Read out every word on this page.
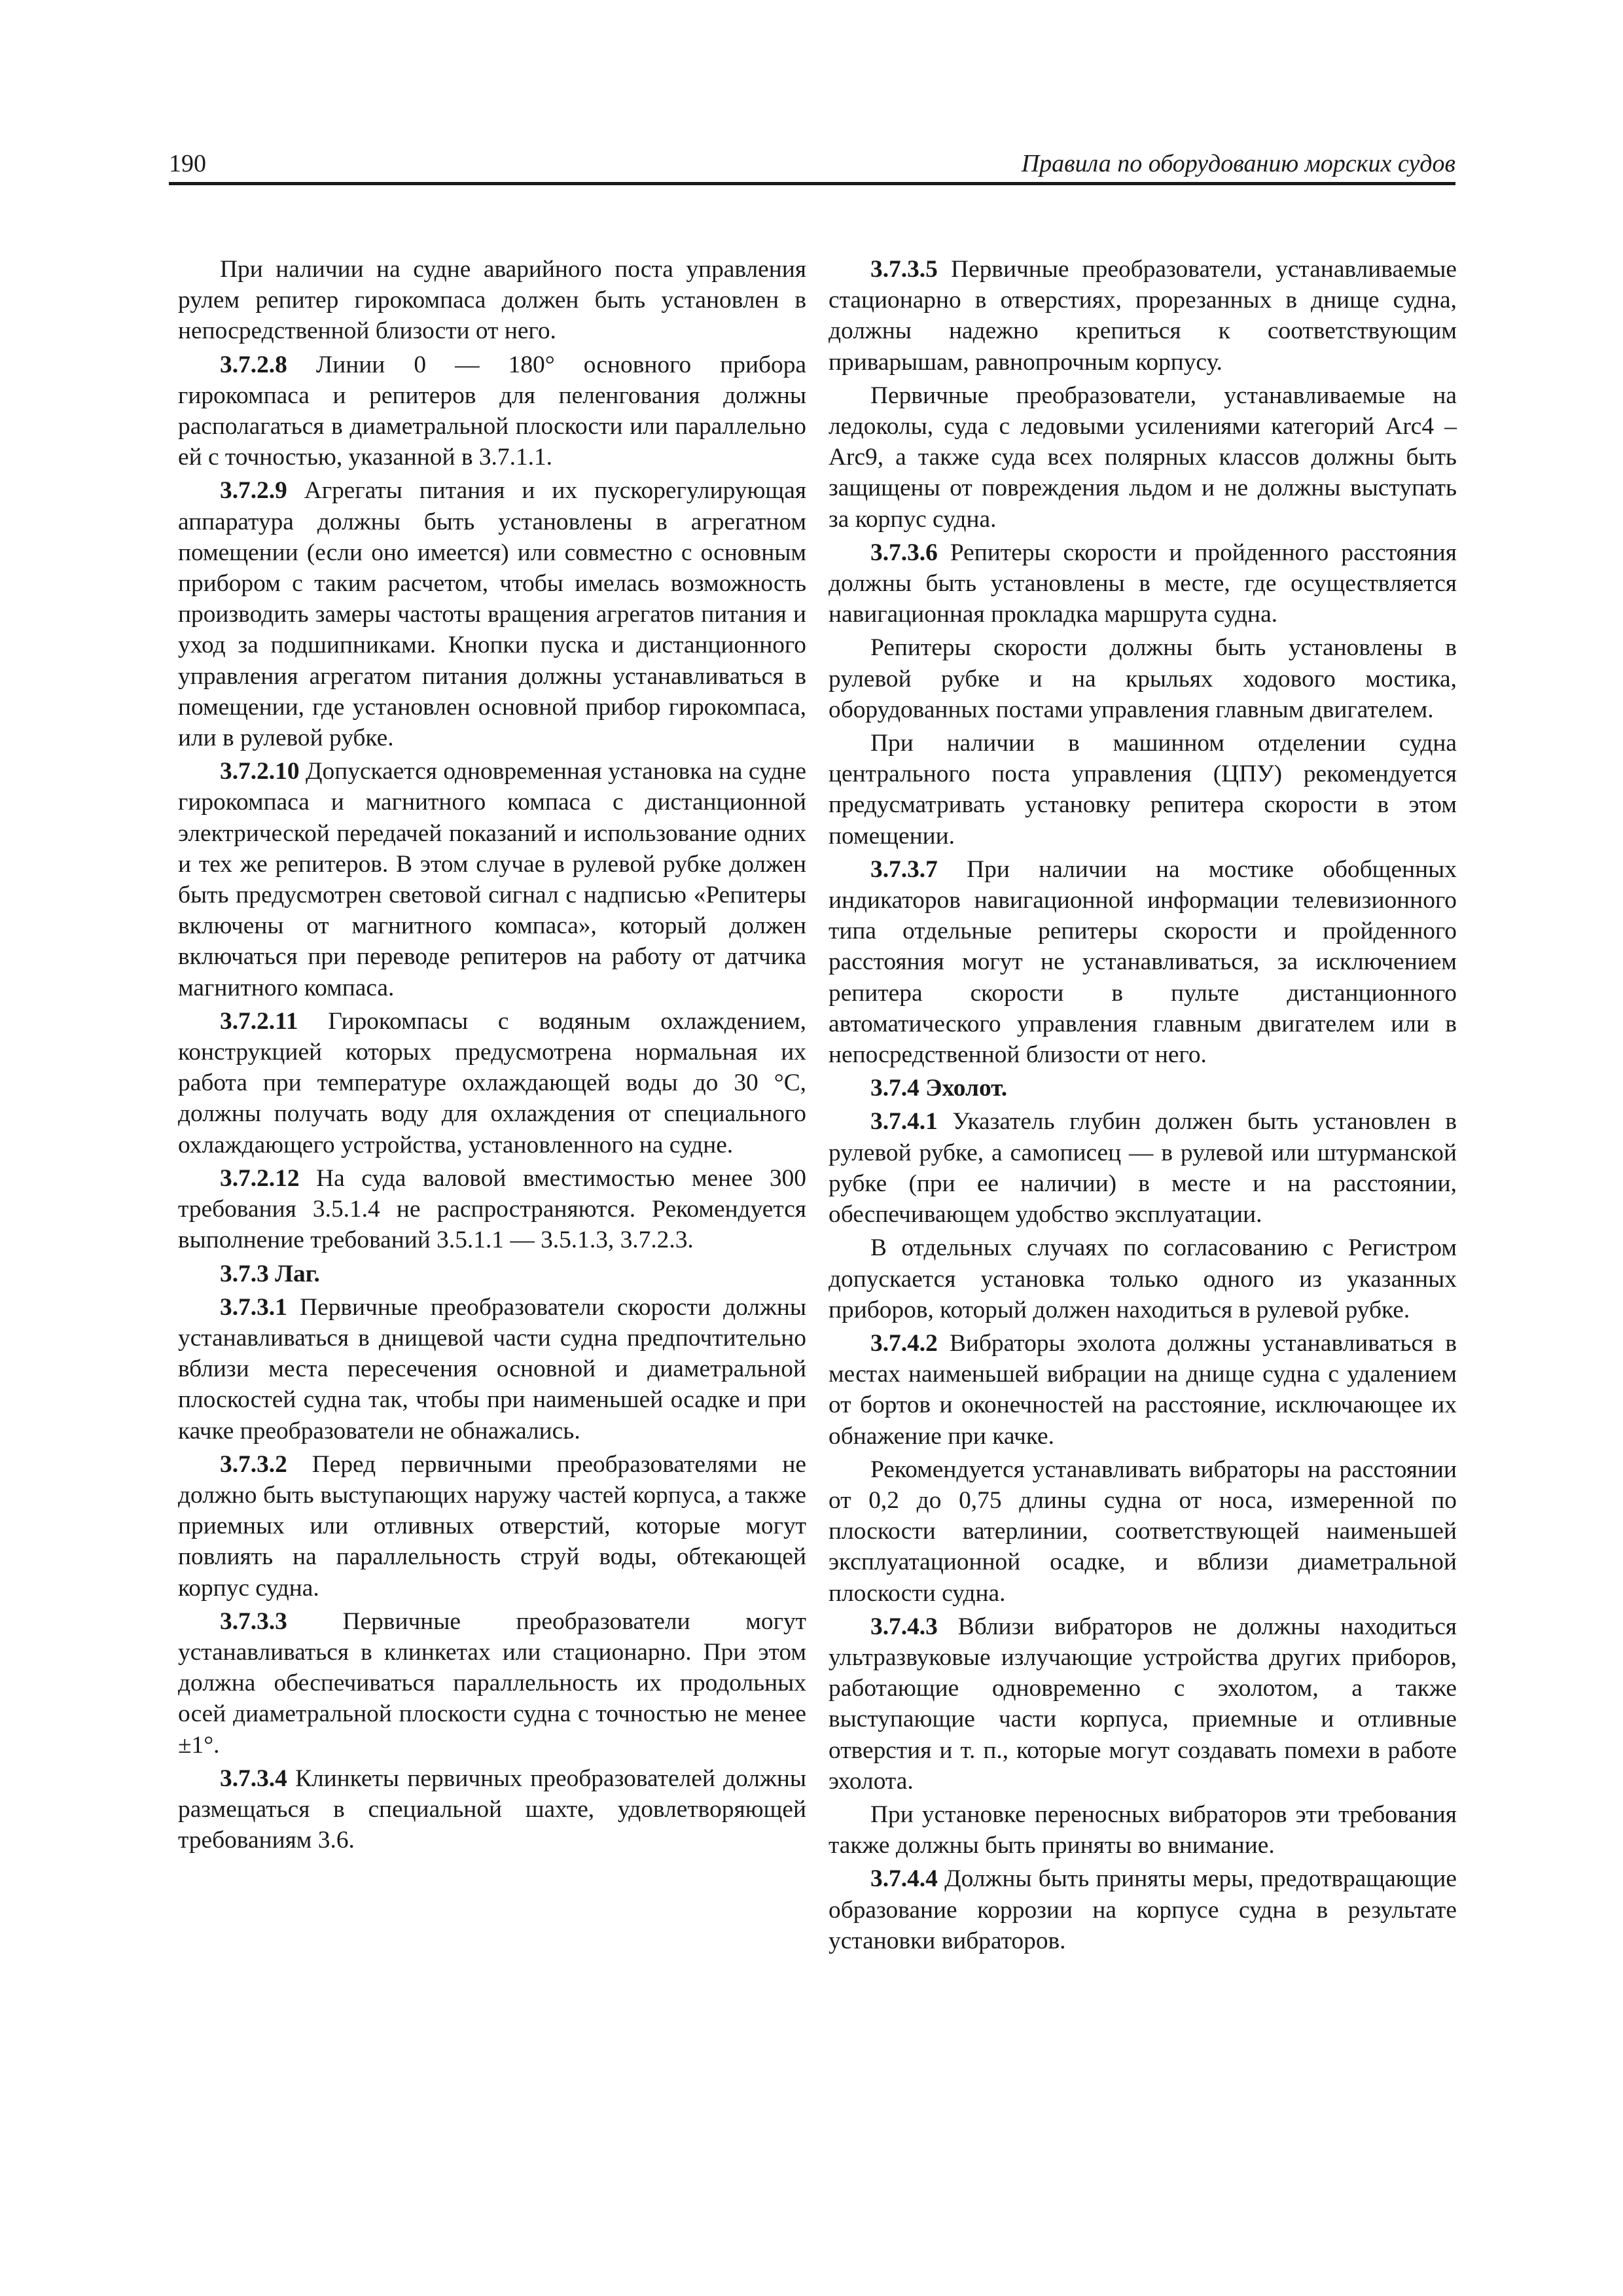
190	Правила по оборудованию морских судов

При наличии на судне аварийного поста управления рулем репитер гирокомпаса должен быть установлен в непосредственной близости от него.

3.7.2.8 Линии 0 — 180° основного прибора гирокомпаса и репитеров для пеленгования должны располагаться в диаметральной плоскости или параллельно ей с точностью, указанной в 3.7.1.1.

3.7.2.9 Агрегаты питания и их пускорегулирующая аппаратура должны быть установлены в агрегатном помещении (если оно имеется) или совместно с основным прибором с таким расчетом, чтобы имелась возможность производить замеры частоты вращения агрегатов питания и уход за подшипниками. Кнопки пуска и дистанционного управления агрегатом питания должны устанавливаться в помещении, где установлен основной прибор гирокомпаса, или в рулевой рубке.

3.7.2.10 Допускается одновременная установка на судне гирокомпаса и магнитного компаса с дистанционной электрической передачей показаний и использование одних и тех же репитеров. В этом случае в рулевой рубке должен быть предусмотрен световой сигнал с надписью «Репитеры включены от магнитного компаса», который должен включаться при переводе репитеров на работу от датчика магнитного компаса.

3.7.2.11 Гирокомпасы с водяным охлаждением, конструкцией которых предусмотрена нормальная их работа при температуре охлаждающей воды до 30 °С, должны получать воду для охлаждения от специального охлаждающего устройства, установленного на судне.

3.7.2.12 На суда валовой вместимостью менее 300 требования 3.5.1.4 не распространяются. Рекомендуется выполнение требований 3.5.1.1 — 3.5.1.3, 3.7.2.3.

3.7.3 Лаг.

3.7.3.1 Первичные преобразователи скорости должны устанавливаться в днищевой части судна предпочтительно вблизи места пересечения основной и диаметральной плоскостей судна так, чтобы при наименьшей осадке и при качке преобразователи не обнажались.

3.7.3.2 Перед первичными преобразователями не должно быть выступающих наружу частей корпуса, а также приемных или отливных отверстий, которые могут повлиять на параллельность струй воды, обтекающей корпус судна.

3.7.3.3 Первичные преобразователи могут устанавливаться в клинкетах или стационарно. При этом должна обеспечиваться параллельность их продольных осей диаметральной плоскости судна с точностью не менее ±1°.

3.7.3.4 Клинкеты первичных преобразователей должны размещаться в специальной шахте, удовлетворяющей требованиям 3.6.

3.7.3.5 Первичные преобразователи, устанавливаемые стационарно в отверстиях, прорезанных в днище судна, должны надежно крепиться к соответствующим приварышам, равнопрочным корпусу.

Первичные преобразователи, устанавливаемые на ледоколы, суда с ледовыми усилениями категорий Arc4 – Arc9, а также суда всех полярных классов должны быть защищены от повреждения льдом и не должны выступать за корпус судна.

3.7.3.6 Репитеры скорости и пройденного расстояния должны быть установлены в месте, где осуществляется навигационная прокладка маршрута судна.

Репитеры скорости должны быть установлены в рулевой рубке и на крыльях ходового мостика, оборудованных постами управления главным двигателем.

При наличии в машинном отделении судна центрального поста управления (ЦПУ) рекомендуется предусматривать установку репитера скорости в этом помещении.

3.7.3.7 При наличии на мостике обобщенных индикаторов навигационной информации телевизионного типа отдельные репитеры скорости и пройденного расстояния могут не устанавливаться, за исключением репитера скорости в пульте дистанционного автоматического управления главным двигателем или в непосредственной близости от него.

3.7.4 Эхолот.

3.7.4.1 Указатель глубин должен быть установлен в рулевой рубке, а самописец — в рулевой или штурманской рубке (при ее наличии) в месте и на расстоянии, обеспечивающем удобство эксплуатации.

В отдельных случаях по согласованию с Регистром допускается установка только одного из указанных приборов, который должен находиться в рулевой рубке.

3.7.4.2 Вибраторы эхолота должны устанавливаться в местах наименьшей вибрации на днище судна с удалением от бортов и оконечностей на расстояние, исключающее их обнажение при качке.

Рекомендуется устанавливать вибраторы на расстоянии от 0,2 до 0,75 длины судна от носа, измеренной по плоскости ватерлинии, соответствующей наименьшей эксплуатационной осадке, и вблизи диаметральной плоскости судна.

3.7.4.3 Вблизи вибраторов не должны находиться ультразвуковые излучающие устройства других приборов, работающие одновременно с эхолотом, а также выступающие части корпуса, приемные и отливные отверстия и т. п., которые могут создавать помехи в работе эхолота.

При установке переносных вибраторов эти требования также должны быть приняты во внимание.

3.7.4.4 Должны быть приняты меры, предотвращающие образование коррозии на корпусе судна в результате установки вибраторов.
